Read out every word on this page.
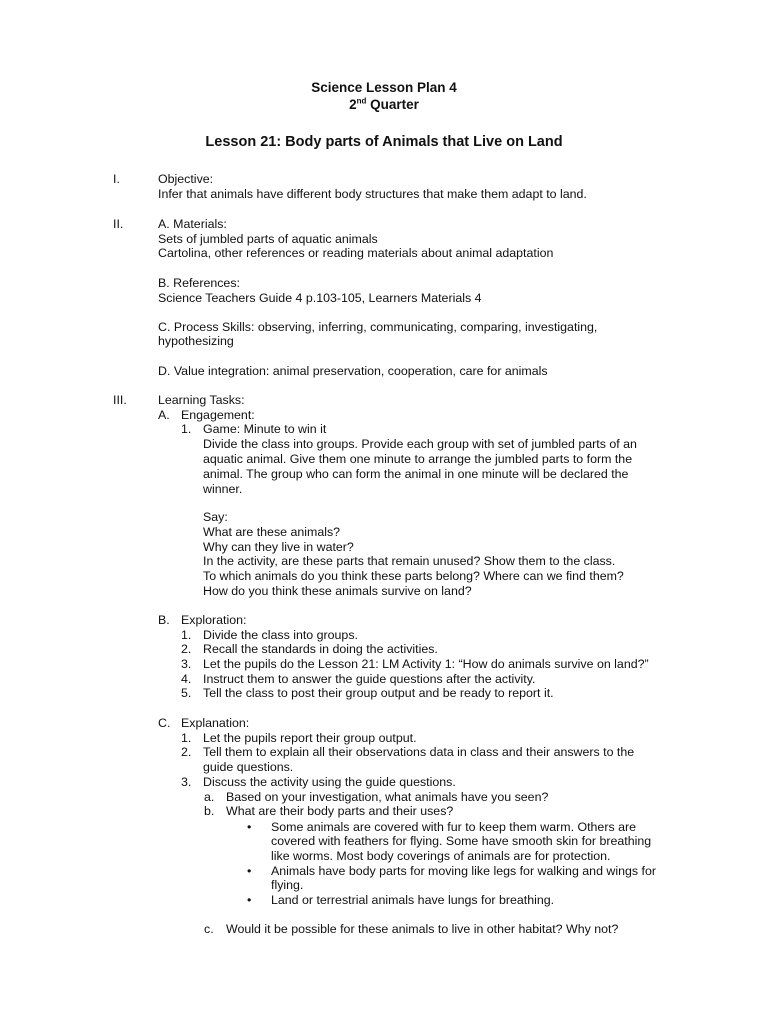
Science Lesson Plan 4
2nd Quarter
Lesson 21: Body parts of Animals that Live on Land
I.	Objective:
Infer that animals have different body structures that make them adapt to land.
II.	A. Materials:
Sets of jumbled parts of aquatic animals
Cartolina, other references or reading materials about animal adaptation
B. References:
Science Teachers Guide 4 p.103-105, Learners Materials 4
C. Process Skills: observing, inferring, communicating, comparing, investigating,
hypothesizing
D. Value integration: animal preservation, cooperation, care for animals
III.	Learning Tasks:
A. Engagement:
1. Game: Minute to win it
Divide the class into groups. Provide each group with set of jumbled parts of an
aquatic animal. Give them one minute to arrange the jumbled parts to form the
animal. The group who can form the animal in one minute will be declared the
winner.
Say:
What are these animals?
Why can they live in water?
In the activity, are these parts that remain unused? Show them to the class.
To which animals do you think these parts belong? Where can we find them?
How do you think these animals survive on land?
B. Exploration:
1. Divide the class into groups.
2. Recall the standards in doing the activities.
3. Let the pupils do the Lesson 21: LM Activity 1: “How do animals survive on land?”
4. Instruct them to answer the guide questions after the activity.
5. Tell the class to post their group output and be ready to report it.
C. Explanation:
1. Let the pupils report their group output.
2. Tell them to explain all their observations data in class and their answers to the
guide questions.
3. Discuss the activity using the guide questions.
a. Based on your investigation, what animals have you seen?
b. What are their body parts and their uses?
•
Some animals are covered with fur to keep them warm. Others are
covered with feathers for flying. Some have smooth skin for breathing
like worms. Most body coverings of animals are for protection.
•
Animals have body parts for moving like legs for walking and wings for
flying.
•
Land or terrestrial animals have lungs for breathing.
c. Would it be possible for these animals to live in other habitat? Why not?
